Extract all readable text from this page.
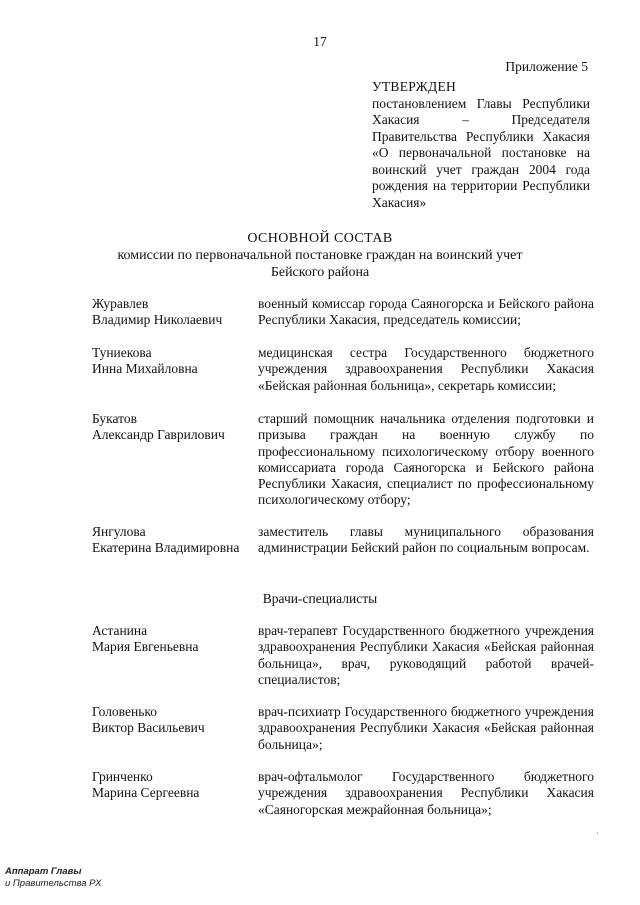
17
Приложение 5
УТВЕРЖДЕН
постановлением Главы Республики Хакасия – Председателя Правительства Республики Хакасия «О первоначальной постановке на воинский учет граждан 2004 года рождения на территории Республики Хакасия»
ОСНОВНОЙ СОСТАВ
комиссии по первоначальной постановке граждан на воинский учет
Бейского района
Журавлев
Владимир Николаевич
военный комиссар города Саяногорска и Бейского района Республики Хакасия, председатель комиссии;
Туниекова
Инна Михайловна
медицинская сестра Государственного бюджетного учреждения здравоохранения Республики Хакасия «Бейская районная больница», секретарь комиссии;
Букатов
Александр Гаврилович
старший помощник начальника отделения подготовки и призыва граждан на военную службу по профессиональному психологическому отбору военного комиссариата города Саяногорска и Бейского района Республики Хакасия, специалист по профессиональному психологическому отбору;
Янгулова
Екатерина Владимировна
заместитель главы муниципального образования администрации Бейский район по социальным вопросам.
Врачи-специалисты
Астанина
Мария Евгеньевна
врач-терапевт Государственного бюджетного учреждения здравоохранения Республики Хакасия «Бейская районная больница», врач, руководящий работой врачей-специалистов;
Головенько
Виктор Васильевич
врач-психиатр Государственного бюджетного учреждения здравоохранения Республики Хакасия «Бейская районная больница»;
Гринченко
Марина Сергеевна
врач-офтальмолог Государственного бюджетного учреждения здравоохранения Республики Хакасия «Саяногорская межрайонная больница»;
·
Аппарат Главы
и Правительства РХ
